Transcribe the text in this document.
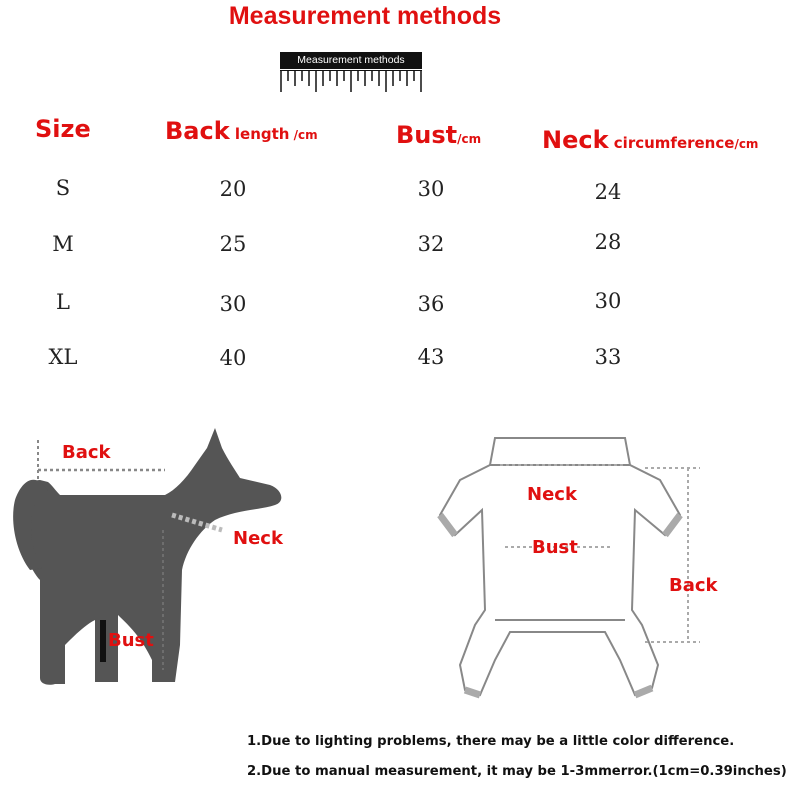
Measurement methods
Measurement methods
Size	Back length /cm	Bust/cm	Neck circumference/cm
S	20	30	24
M	25	32	28
L	30	36	30
XL	40	43	33
Back
Neck
Bust
Neck
Bust
Back
1.Due to lighting problems, there may be a little color difference.
2.Due to manual measurement, it may be 1-3mmerror.(1cm=0.39inches)
